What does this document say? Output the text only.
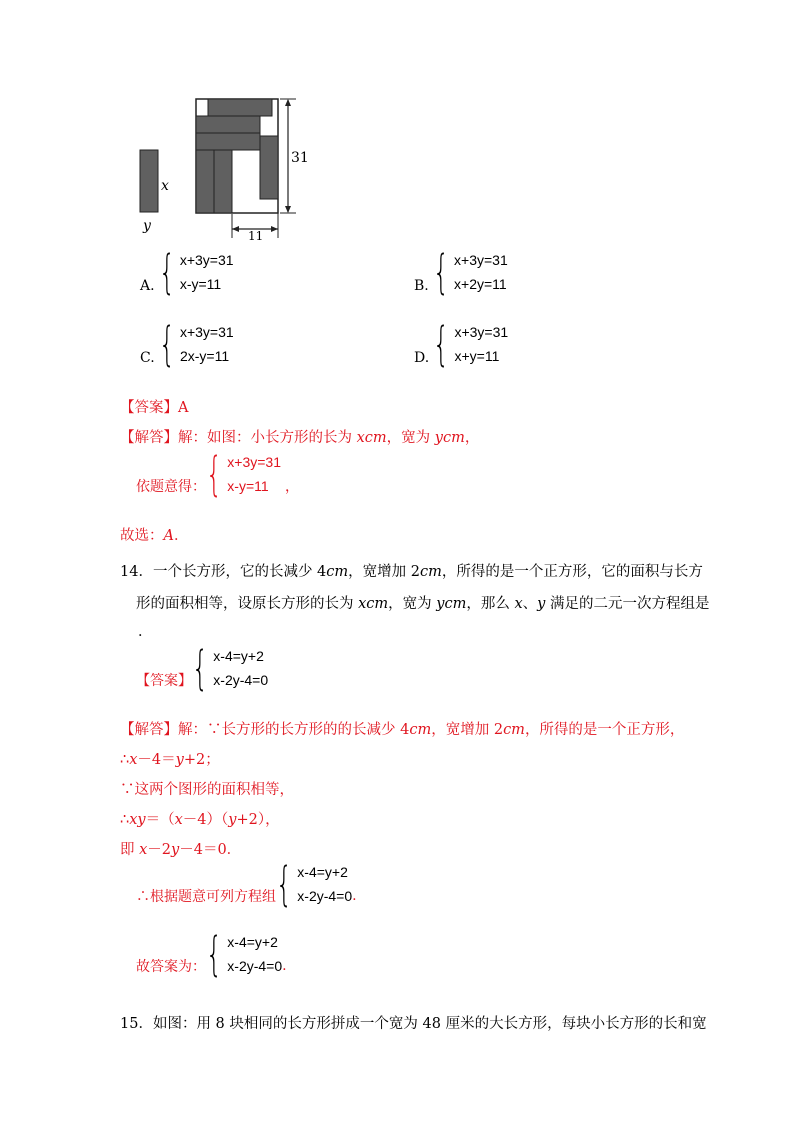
x
y
31
11
A. { x+3y=31
x-y=11	B. { x+3y=31
x+2y=11
C. { x+3y=31
2x-y=11	D. { x+3y=31
x+y=11
【答案】A
【解答】解：如图：小长方形的长为 xcm，宽为 ycm，
依题意得： { x+3y=31
x-y=11	，
故选：A．
14．一个长方形，它的长减少 4cm，宽增加 2cm，所得的是一个正方形，它的面积与长方
形的面积相等，设原长方形的长为 xcm，宽为 ycm，那么 x、y 满足的二元一次方程组是
．
【答案】 { x-4=y+2
x-2y-4=0
【解答】解：∵长方形的长方形的的长减少 4cm，宽增加 2cm，所得的是一个正方形，
∴x－4＝y+2；
∵这两个图形的面积相等，
∴xy＝（x－4）（y+2），
即 x－2y－4＝0．
∴根据题意可列方程组 { x-4=y+2
x-2y-4=0 .
故答案为： { x-4=y+2
x-2y-4=0 .
15．如图：用 8 块相同的长方形拼成一个宽为 48 厘米的大长方形，每块小长方形的长和宽
